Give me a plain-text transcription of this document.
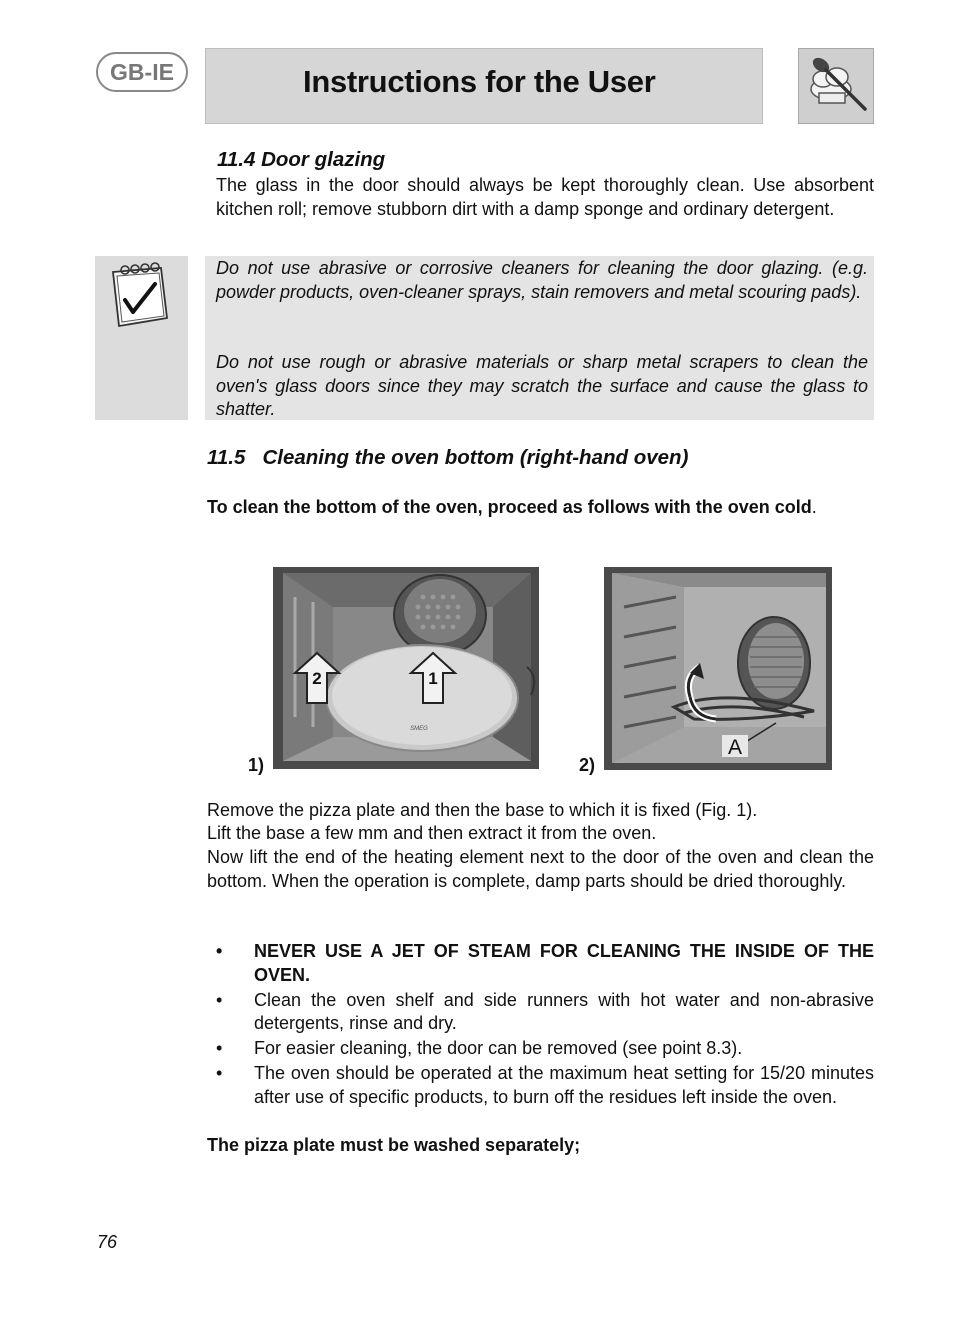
GB-IE	Instructions for the User
11.4 Door glazing

The glass in the door should always be kept thoroughly clean. Use absorbent kitchen roll; remove stubborn dirt with a damp sponge and ordinary detergent.

Do not use abrasive or corrosive cleaners for cleaning the door glazing. (e.g. powder products, oven-cleaner sprays, stain removers and metal scouring pads).

Do not use rough or abrasive materials or sharp metal scrapers to clean the oven's glass doors since they may scratch the surface and cause the glass to shatter.

11.5   Cleaning the oven bottom (right-hand oven)

To clean the bottom of the oven, proceed as follows with the oven cold.

2	1
SMEG
1)
A
2)

Remove the pizza plate and then the base to which it is fixed (Fig. 1).

Lift the base a few mm and then extract it from the oven.

Now lift the end of the heating element next to the door of the oven and clean the bottom. When the operation is complete, damp parts should be dried thoroughly.

• NEVER USE A JET OF STEAM FOR CLEANING THE INSIDE OF THE OVEN.
• Clean the oven shelf and side runners with hot water and non-abrasive detergents, rinse and dry.
• For easier cleaning, the door can be removed (see point 8.3).
• The oven should be operated at the maximum heat setting for 15/20 minutes after use of specific products, to burn off the residues left inside the oven.

The pizza plate must be washed separately;

76
